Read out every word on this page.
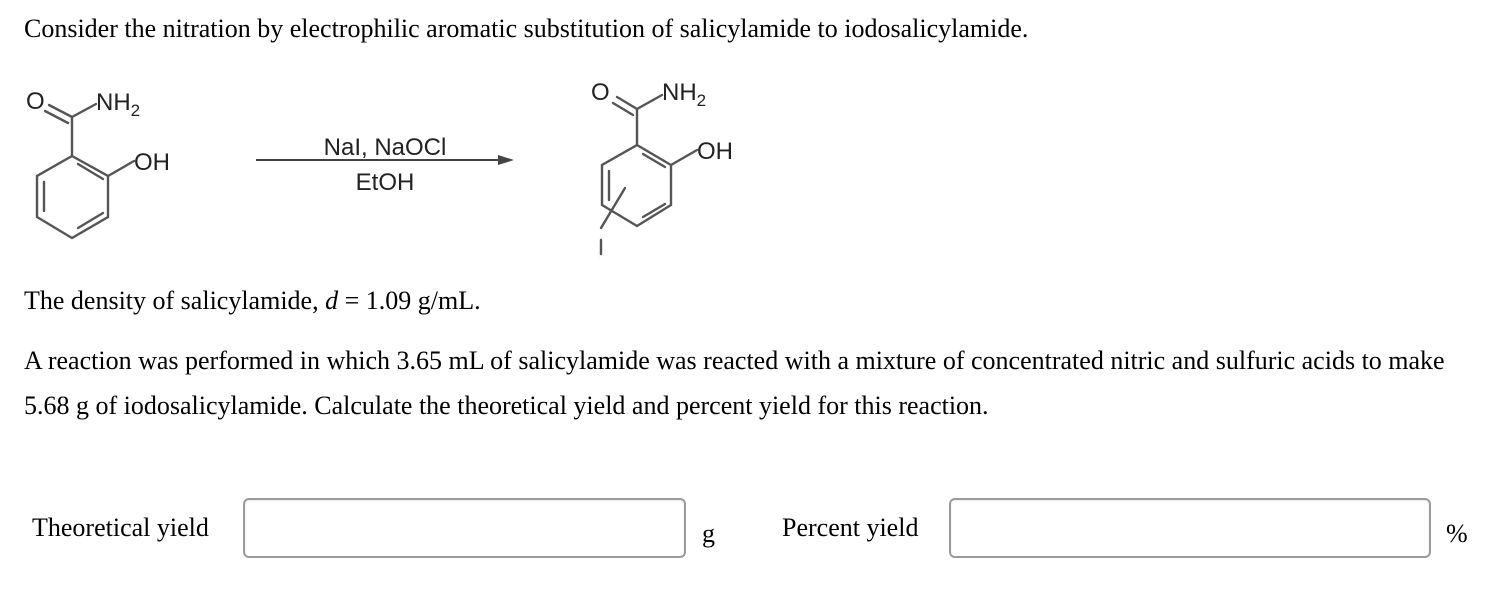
Consider the nitration by electrophilic aromatic substitution of salicylamide to iodosalicylamide.
O $NH_2$
OH
NaI, NaOCl
EtOH
O $NH_2$
OH
The density of salicylamide, d = 1.09 g/mL.
A reaction was performed in which 3.65 mL of salicylamide was reacted with a mixture of concentrated nitric and sulfuric acids to make 5.68 g of iodosalicylamide. Calculate the theoretical yield and percent yield for this reaction.
Theoretical yield	g	Percent yield	%
